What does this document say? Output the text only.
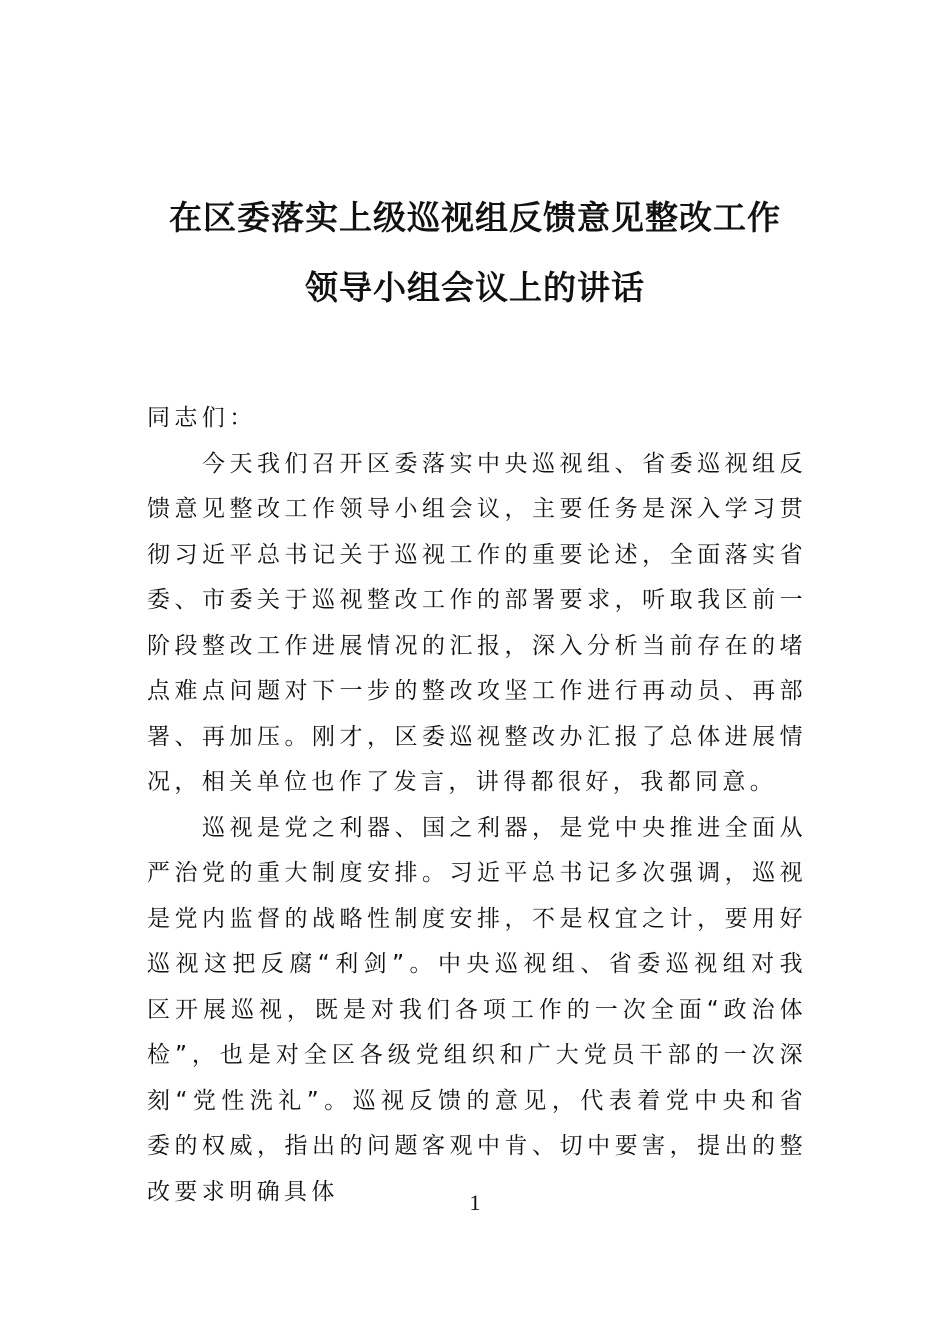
在区委落实上级巡视组反馈意见整改工作
领导小组会议上的讲话

同志们：

今天我们召开区委落实中央巡视组、省委巡视组反馈意见整改工作领导小组会议，主要任务是深入学习贯彻习近平总书记关于巡视工作的重要论述，全面落实省委、市委关于巡视整改工作的部署要求，听取我区前一阶段整改工作进展情况的汇报，深入分析当前存在的堵点难点问题对下一步的整改攻坚工作进行再动员、再部署、再加压。刚才，区委巡视整改办汇报了总体进展情况，相关单位也作了发言，讲得都很好，我都同意。

巡视是党之利器、国之利器，是党中央推进全面从严治党的重大制度安排。习近平总书记多次强调，巡视是党内监督的战略性制度安排，不是权宜之计，要用好巡视这把反腐“利剑”。中央巡视组、省委巡视组对我区开展巡视，既是对我们各项工作的一次全面“政治体检”，也是对全区各级党组织和广大党员干部的一次深刻“党性洗礼”。巡视反馈的意见，代表着党中央和省委的权威，指出的问题客观中肯、切中要害，提出的整改要求明确具体	1
